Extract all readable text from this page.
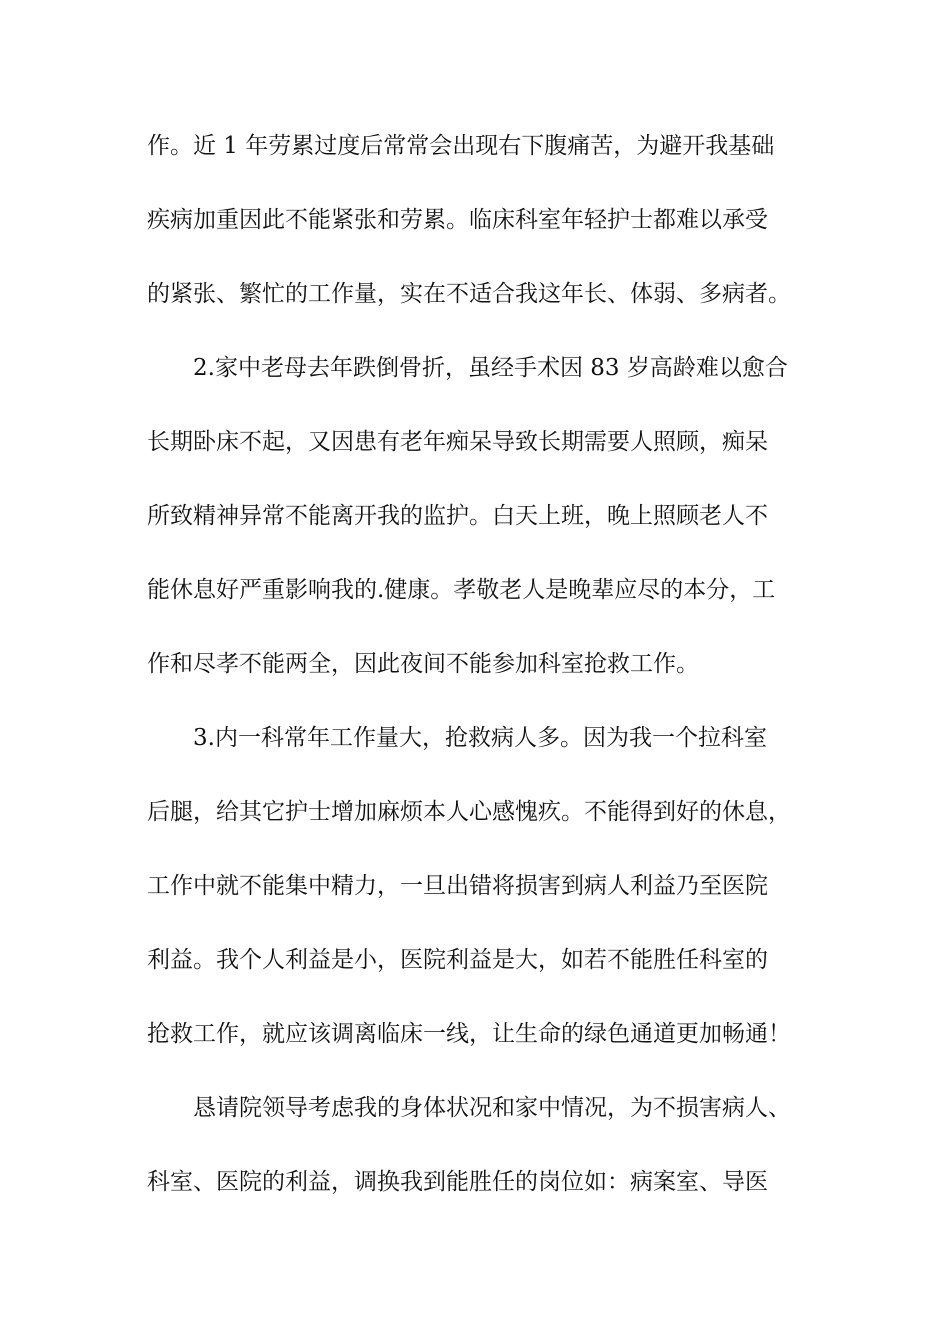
作。近 1 年劳累过度后常常会出现右下腹痛苦，为避开我基础
疾病加重因此不能紧张和劳累。临床科室年轻护士都难以承受
的紧张、繁忙的工作量，实在不适合我这年长、体弱、多病者。
2.家中老母去年跌倒骨折，虽经手术因 83 岁高龄难以愈合
长期卧床不起，又因患有老年痴呆导致长期需要人照顾，痴呆
所致精神异常不能离开我的监护。白天上班，晚上照顾老人不
能休息好严重影响我的.健康。孝敬老人是晚辈应尽的本分，工
作和尽孝不能两全，因此夜间不能参加科室抢救工作。
3.内一科常年工作量大，抢救病人多。因为我一个拉科室
后腿，给其它护士增加麻烦本人心感愧疚。不能得到好的休息，
工作中就不能集中精力，一旦出错将损害到病人利益乃至医院
利益。我个人利益是小，医院利益是大，如若不能胜任科室的
抢救工作，就应该调离临床一线，让生命的绿色通道更加畅通！
恳请院领导考虑我的身体状况和家中情况，为不损害病人、
科室、医院的利益，调换我到能胜任的岗位如：病案室、导医
